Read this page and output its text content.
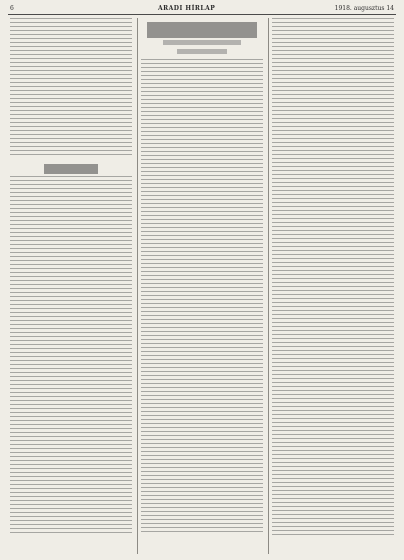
6	ARADI HÍRLAP	1918. augusztus 14
